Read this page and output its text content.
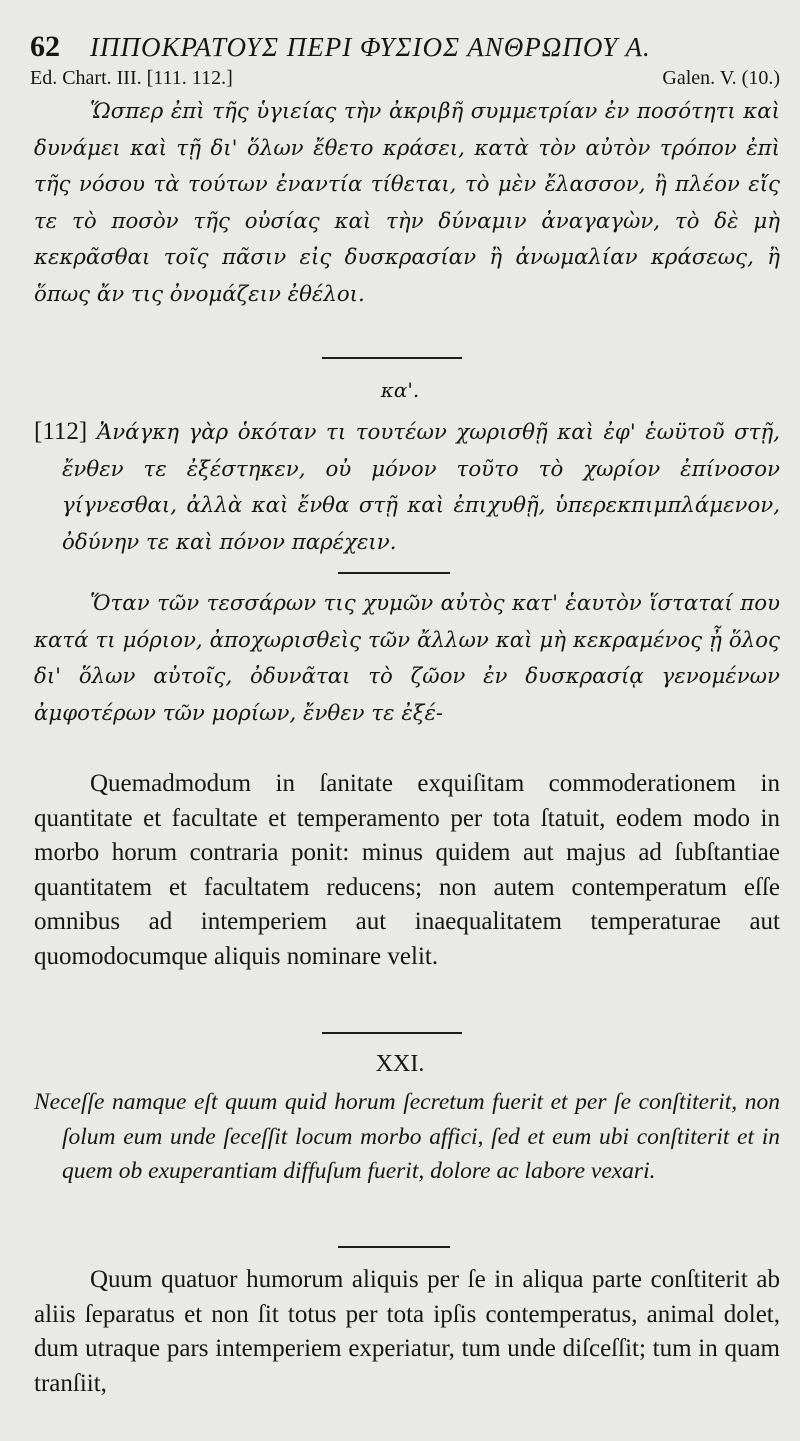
62 ΙΠΠΟΚΡΑΤΟΥΣ ΠΕΡΙ ΦΥΣΙΟΣ ΑΝΘΡΩΠΟΥ Α.
Ed. Chart. III. [111. 112.]	Galen. V. (10.)
Ὥσπερ ἐπὶ τῆς ὑγιείας τὴν ἀκριβῆ συμμετρίαν ἐν ποσότητι καὶ δυνάμει καὶ τῇ δι' ὅλων ἔθετο κράσει, κατὰ τὸν αὐτὸν τρόπον ἐπὶ τῆς νόσου τὰ τούτων ἐναντία τίθεται, τὸ μὲν ἔλασσον, ἢ πλέον εἴς τε τὸ ποσὸν τῆς οὐσίας καὶ τὴν δύναμιν ἀναγαγὼν, τὸ δὲ μὴ κεκρᾶσθαι τοῖς πᾶσιν εἰς δυσκρασίαν ἢ ἀνωμαλίαν κράσεως, ἢ ὅπως ἄν τις ὀνομάζειν ἐθέλοι.
κα'.
[112] Ἀνάγκη γὰρ ὁκόταν τι τουτέων χωρισθῇ καὶ ἐφ' ἑωϋτοῦ στῇ, ἔνθεν τε ἐξέστηκεν, οὐ μόνον τοῦτο τὸ χωρίον ἐπίνοσον γίγνεσθαι, ἀλλὰ καὶ ἔνθα στῇ καὶ ἐπιχυθῇ, ὑπερεκπιμπλάμενον, ὀδύνην τε καὶ πόνον παρέχειν.
Ὅταν τῶν τεσσάρων τις χυμῶν αὐτὸς κατ' ἑαυτὸν ἵσταταί που κατά τι μόριον, ἀποχωρισθεὶς τῶν ἄλλων καὶ μὴ κεκραμένος ᾖ ὅλος δι' ὅλων αὐτοῖς, ὀδυνᾶται τὸ ζῶον ἐν δυσκρασίᾳ γενομένων ἀμφοτέρων τῶν μορίων, ἔνθεν τε ἐξέ-
Quemadmodum in ſanitate exquiſitam commoderationem in quantitate et facultate et temperamento per tota ſtatuit, eodem modo in morbo horum contraria ponit: minus quidem aut majus ad ſubſtantiae quantitatem et facultatem reducens; non autem contemperatum eſſe omnibus ad intemperiem aut inaequalitatem temperaturae aut quomodocumque aliquis nominare velit.
XXI.
Neceſſe namque eſt quum quid horum ſecretum fuerit et per ſe conſtiterit, non ſolum eum unde ſeceſſit locum morbo affici, ſed et eum ubi conſtiterit et in quem ob exuperantiam diffuſum fuerit, dolore ac labore vexari.
Quum quatuor humorum aliquis per ſe in aliqua parte conſtiterit ab aliis ſeparatus et non ſit totus per tota ipſis contemperatus, animal dolet, dum utraque pars intemperiem experiatur, tum unde diſceſſit; tum in quam tranſiit,
